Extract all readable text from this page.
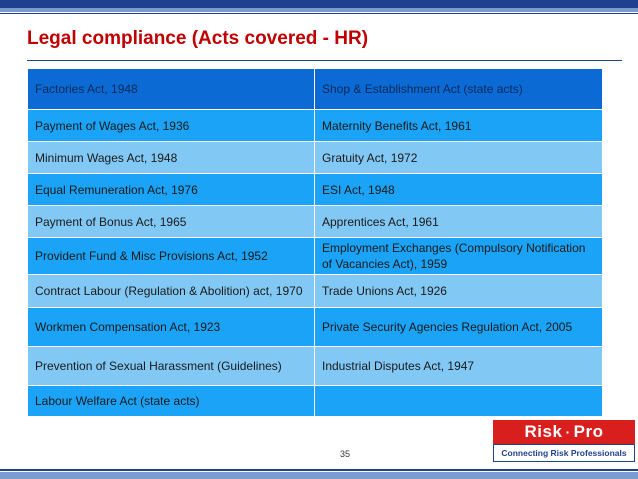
Legal compliance (Acts covered - HR)
Factories Act, 1948	Shop & Establishment Act (state acts)
Payment of Wages Act, 1936	Maternity Benefits Act, 1961
Minimum Wages Act, 1948	Gratuity Act, 1972
Equal Remuneration Act, 1976	ESI Act, 1948
Payment of Bonus Act, 1965	Apprentices Act, 1961
Provident Fund & Misc Provisions Act, 1952	Employment Exchanges (Compulsory Notification of Vacancies Act), 1959
Contract Labour (Regulation & Abolition) act, 1970	Trade Unions Act, 1926
Workmen Compensation Act, 1923	Private Security Agencies Regulation Act, 2005
Prevention of Sexual Harassment (Guidelines)	Industrial Disputes Act, 1947
Labour Welfare Act (state acts)	
35
Risk · Pro
Connecting Risk Professionals
